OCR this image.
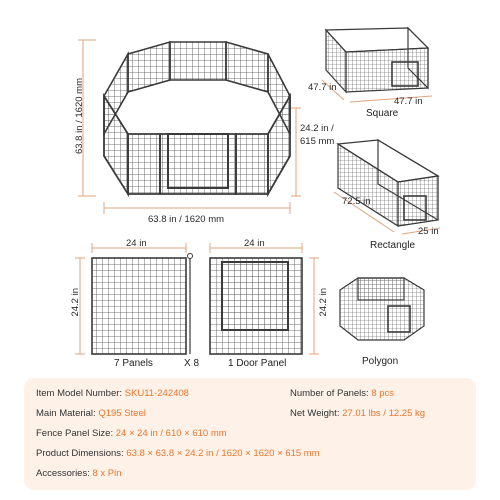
63.8 in / 1620 mm
63.8 in / 1620 mm
24.2 in / 615 mm
47.7 in
47.7 in
Square
72.5 in
25 in
Rectangle
24 in
24.2 in
7 Panels	X 8
24 in
24.2 in
1 Door Panel	Polygon
Item Model Number: SKU11-242408	Number of Panels: 8 pcs
Main Material: Q195 Steel	Net Weight: 27.01 lbs / 12.25 kg
Fence Panel Size: 24 × 24 in / 610 × 610 mm
Product Dimensions: 63.8 × 63.8 × 24.2 in / 1620 × 1620 × 615 mm
Accessories: 8 x Pin
